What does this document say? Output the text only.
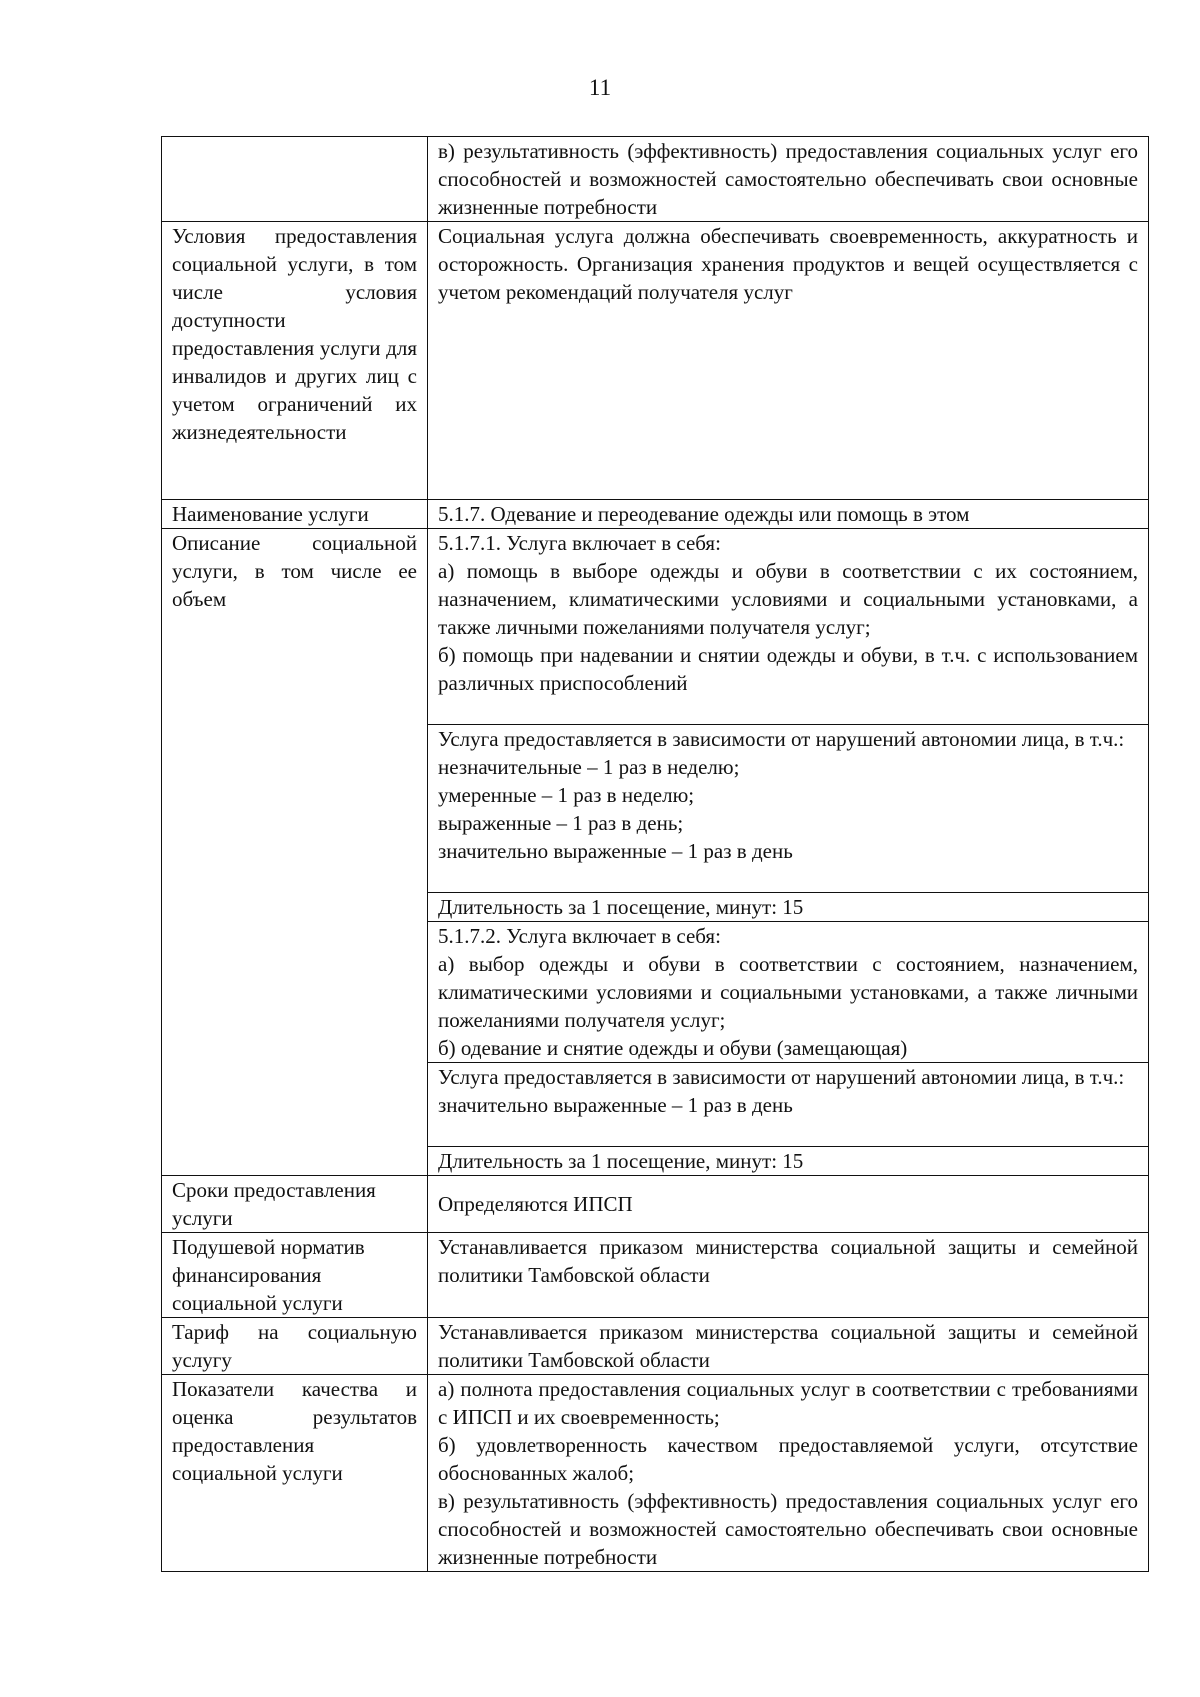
11
	в) результативность (эффективность) предоставления социальных услуг его способностей и возможностей самостоятельно обеспечивать свои основные жизненные потребности
Условия предоставления социальной услуги, в том числе условия доступности предоставления услуги для инвалидов и других лиц с учетом ограничений их жизнедеятельности	Социальная услуга должна обеспечивать своевременность, аккуратность и осторожность. Организация хранения продуктов и вещей осуществляется с учетом рекомендаций получателя услуг
Наименование услуги	5.1.7. Одевание и переодевание одежды или помощь в этом
Описание социальной услуги, в том числе ее объем	5.1.7.1. Услуга включает в себя:
а) помощь в выборе одежды и обуви в соответствии с их состоянием, назначением, климатическими условиями и социальными установками, а также личными пожеланиями получателя услуг;
б) помощь при надевании и снятии одежды и обуви, в т.ч. с использованием различных приспособлений

	Услуга предоставляется в зависимости от нарушений автономии лица, в т.ч.:
незначительные – 1 раз в неделю;
умеренные – 1 раз в неделю;
выраженные – 1 раз в день;
значительно выраженные – 1 раз в день

	Длительность за 1 посещение, минут: 15

	5.1.7.2. Услуга включает в себя:
а) выбор одежды и обуви в соответствии с состоянием, назначением, климатическими условиями и социальными установками, а также личными пожеланиями получателя услуг;
б) одевание и снятие одежды и обуви (замещающая)

	Услуга предоставляется в зависимости от нарушений автономии лица, в т.ч.:
значительно выраженные – 1 раз в день

	Длительность за 1 посещение, минут: 15
Сроки предоставления услуги	Определяются ИПСП
Подушевой норматив финансирования социальной услуги	Устанавливается приказом министерства социальной защиты и семейной политики Тамбовской области
Тариф на социальную услугу	Устанавливается приказом министерства социальной защиты и семейной политики Тамбовской области
Показатели качества и оценка результатов предоставления социальной услуги	а) полнота предоставления социальных услуг в соответствии с требованиями с ИПСП и их своевременность;
б) удовлетворенность качеством предоставляемой услуги, отсутствие обоснованных жалоб;
в) результативность (эффективность) предоставления социальных услуг его способностей и возможностей самостоятельно обеспечивать свои основные жизненные потребности
